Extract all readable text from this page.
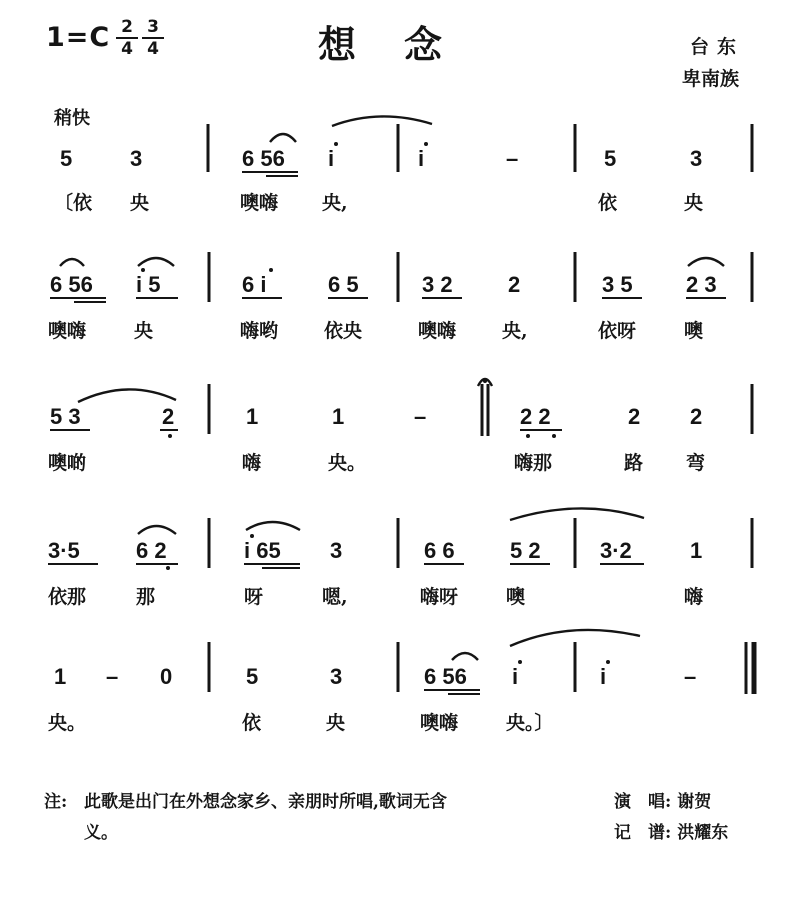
$1=C \frac{2}{4} \frac{3}{4}$	想念	台东
卑南族
稍快
5	3	6 56 i	i	–	5	3
〔依 央	噢嗨 央,	依	央
6 56 i 5	6 i	6 5	3 2	2	3 5 2 3
噢嗨	央	嗨哟 依央	噢嗨 央,	依呀	噢
5 3	2	1	1	–	2 2	2 2
噢啲	嗨	央。	嗨那	路 弯
3·5	6 2	i 65 3	6 6	5 2	3·2	1
依那	那	呀	嗯,	嗨呀	噢	嗨
1 – 0	5	3	6 56 i	i	–
央。	依	央	噢嗨	央。〕
注: 此歌是出门在外想念家乡、亲朋时所唱,歌词无含义。
演　唱: 谢贺
记　谱: 洪耀东
